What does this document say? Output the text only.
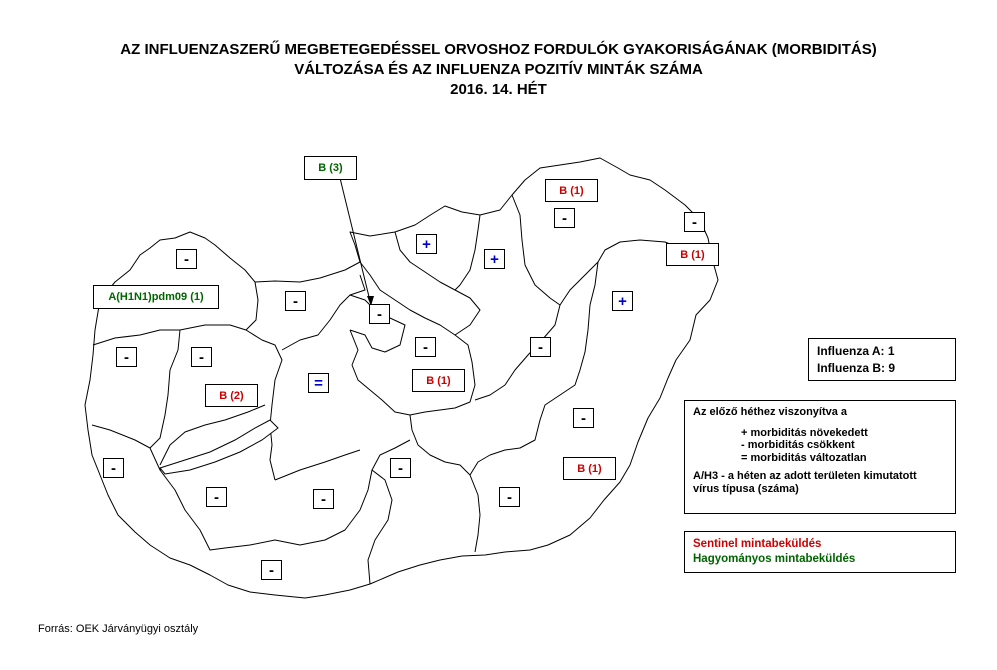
AZ INFLUENZASZERŰ MEGBETEGEDÉSSEL ORVOSHOZ FORDULÓK GYAKORISÁGÁNAK (MORBIDITÁS)
VÁLTOZÁSA ÉS AZ INFLUENZA POZITÍV MINTÁK SZÁMA
2016. 14. HÉT
-
-
-
+
+
-	-
+
-	-
=
-	-
-
-
-	-
-
-
-
B (3)
A(H1N1)pdm09 (1)
B (1)
B (1)
B (2)
B (1)
B (1)
Influenza A: 1
Influenza B: 9
Az előző héthez viszonyítva a
+ morbiditás növekedett
- morbiditás csökkent
= morbiditás változatlan
A/H3 - a héten az adott területen kimutatott
vírus típusa (száma)
Sentinel mintabeküldés
Hagyományos mintabeküldés
Forrás: OEK Járványügyi osztály
